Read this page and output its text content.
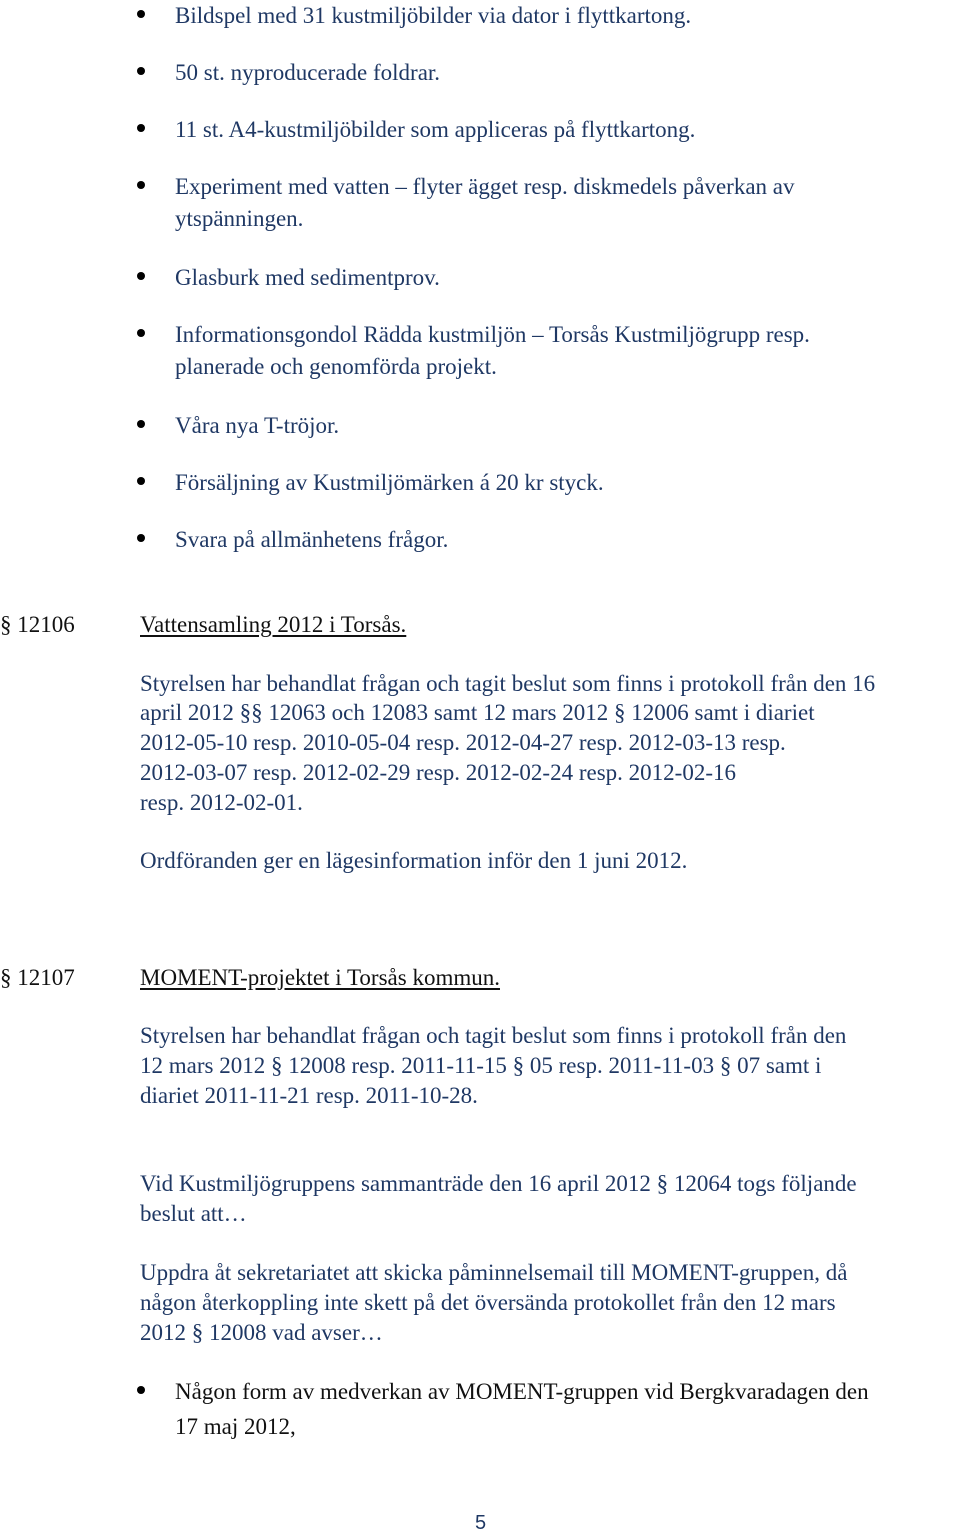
Bildspel med 31 kustmiljöbilder via dator i flyttkartong.
50 st. nyproducerade foldrar.
11 st. A4-kustmiljöbilder som appliceras på flyttkartong.
Experiment med vatten – flyter ägget resp. diskmedels påverkan av
ytspänningen.
Glasburk med sedimentprov.
Informationsgondol Rädda kustmiljön – Torsås Kustmiljögrupp resp.
planerade och genomförda projekt.
Våra nya T-tröjor.
Försäljning av Kustmiljömärken á 20 kr styck.
Svara på allmänhetens frågor.
§ 12106	Vattensamling 2012 i Torsås.
Styrelsen har behandlat frågan och tagit beslut som finns i protokoll från den 16
april 2012 §§ 12063 och 12083 samt 12 mars 2012 § 12006 samt i diariet
2012-05-10 resp. 2010-05-04 resp. 2012-04-27 resp. 2012-03-13 resp.
2012-03-07 resp. 2012-02-29 resp. 2012-02-24 resp. 2012-02-16
resp. 2012-02-01.
Ordföranden ger en lägesinformation inför den 1 juni 2012.
§ 12107	MOMENT-projektet i Torsås kommun.
Styrelsen har behandlat frågan och tagit beslut som finns i protokoll från den
12 mars 2012 § 12008 resp. 2011-11-15 § 05 resp. 2011-11-03 § 07 samt i
diariet 2011-11-21 resp. 2011-10-28.
Vid Kustmiljögruppens sammanträde den 16 april 2012 § 12064 togs följande
beslut att…
Uppdra åt sekretariatet att skicka påminnelsemail till MOMENT-gruppen, då
någon återkoppling inte skett på det översända protokollet från den 12 mars
2012 § 12008 vad avser…
Någon form av medverkan av MOMENT-gruppen vid Bergkvaradagen den
17 maj 2012,
5
